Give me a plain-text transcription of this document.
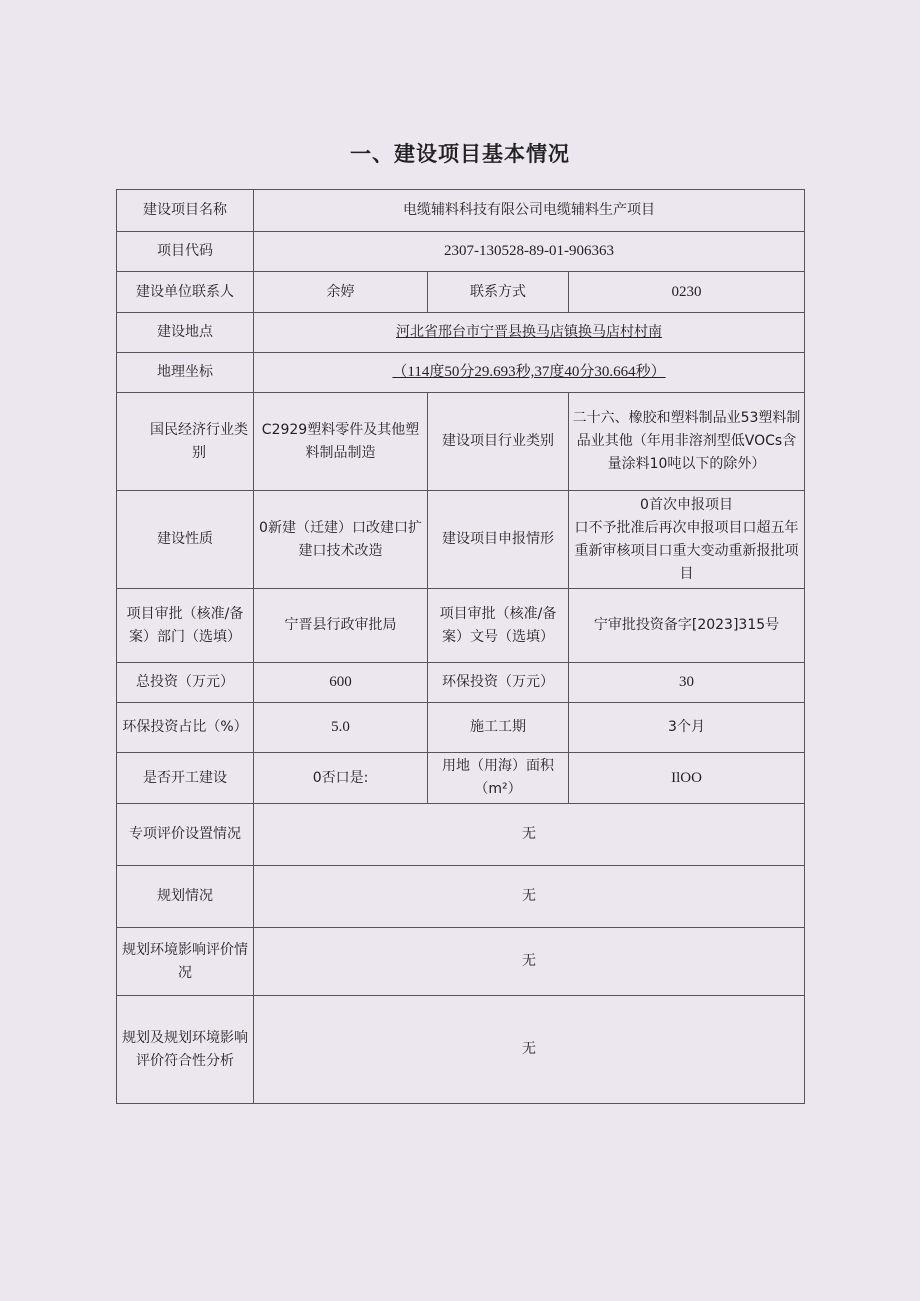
一、建设项目基本情况
建设项目名称	电缆辅料科技有限公司电缆辅料生产项目		
项目代码	2307-130528-89-01-906363		
建设单位联系人	余婷	联系方式	0230
建设地点	河北省邢台市宁晋县换马店镇换马店村村南		
地理坐标	（114度50分29.693秒,37度40分30.664秒）		
国民经济行业类别	C2929塑料零件及其他塑料制品制造	建设项目行业类别	二十六、橡胶和塑料制品业53塑料制品业其他（年用非溶剂型低VOCs含量涂料10吨以下的除外）
建设性质	0新建（迁建）口改建口扩建口技术改造	建设项目申报情形	0首次申报项目
口不予批准后再次申报项目口超五年重新审核项目口重大变动重新报批项目

项目审批（核准/备案）部门（选填）	宁晋县行政审批局	项目审批（核准/备案）文号（选填）	宁审批投资备字[2023]315号
总投资（万元）	600	环保投资（万元）	30
环保投资占比（%）	5.0	施工工期	3个月
是否开工建设	0否口是:	用地（用海）面积（m²）	IlOO
专项评价设置情况	无		
规划情况	无		
规划环境影响评价情况	无		
规划及规划环境影响评价符合性分析	无		
